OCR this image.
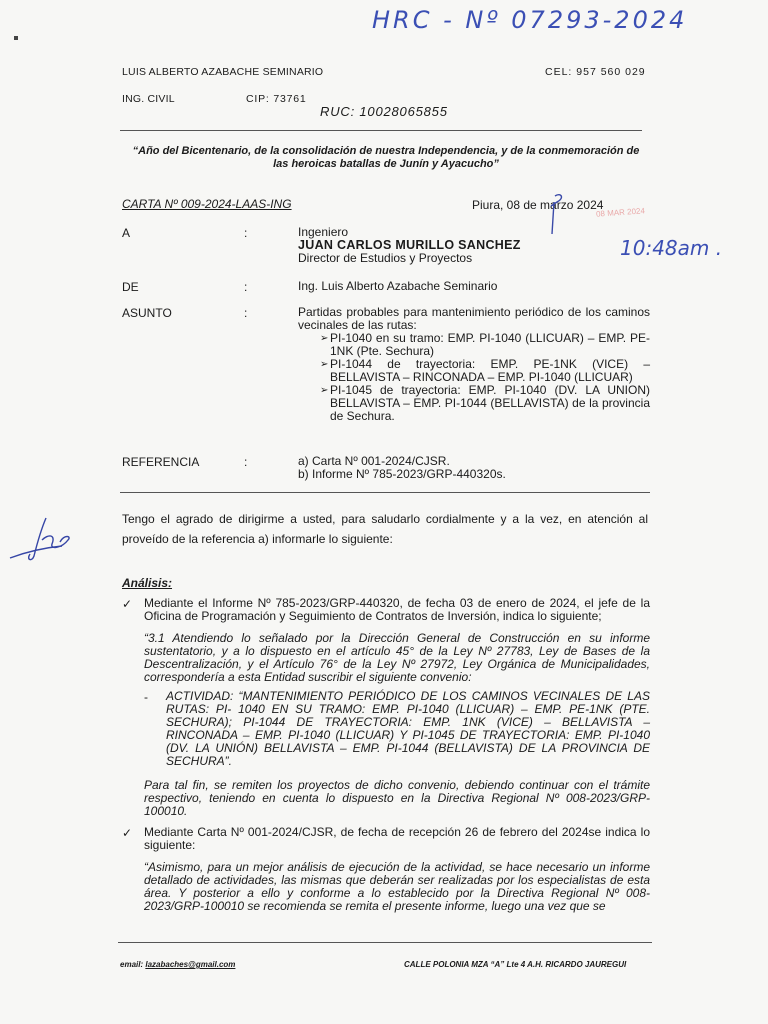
HRC - Nº 07293-2024
LUIS ALBERTO AZABACHE SEMINARIO	CEL: 957 560 029
ING. CIVIL	CIP: 73761
RUC: 10028065855
“Año del Bicentenario, de la consolidación de nuestra Independencia, y de la conmemoración de
las heroicas batallas de Junín y Ayacucho”
CARTA Nº 009-2024-LAAS-ING	Piura, 08 de marzo 2024
08 MAR 2024
10:48am .
A	:	Ingeniero
JUAN CARLOS MURILLO SANCHEZ
Director de Estudios y Proyectos
DE	:	Ing. Luis Alberto Azabache Seminario
ASUNTO	:	Partidas probables para mantenimiento periódico de los caminos vecinales de las rutas:
➢ PI-1040 en su tramo: EMP. PI-1040 (LLICUAR) – EMP. PE-1NK (Pte. Sechura)
➢ PI-1044 de trayectoria: EMP. PE-1NK (VICE) – BELLAVISTA – RINCONADA – EMP. PI-1040 (LLICUAR)
➢ PI-1045 de trayectoria: EMP. PI-1040 (DV. LA UNION) BELLAVISTA – EMP. PI-1044 (BELLAVISTA) de la provincia de Sechura.
REFERENCIA	:	a) Carta Nº 001-2024/CJSR.
b) Informe Nº 785-2023/GRP-440320s.
Tengo el agrado de dirigirme a usted, para saludarlo cordialmente y a la vez, en atención al proveído de la referencia a) informarle lo siguiente:
Análisis:
✓ Mediante el Informe Nº 785-2023/GRP-440320, de fecha 03 de enero de 2024, el jefe de la Oficina de Programación y Seguimiento de Contratos de Inversión, indica lo siguiente;
“3.1 Atendiendo lo señalado por la Dirección General de Construcción en su informe sustentatorio, y a lo dispuesto en el artículo 45° de la Ley Nº 27783, Ley de Bases de la Descentralización, y el Artículo 76° de la Ley Nº 27972, Ley Orgánica de Municipalidades, correspondería a esta Entidad suscribir el siguiente convenio:
- ACTIVIDAD: “MANTENIMIENTO PERIÓDICO DE LOS CAMINOS VECINALES DE LAS RUTAS: PI- 1040 EN SU TRAMO: EMP. PI-1040 (LLICUAR) – EMP. PE-1NK (PTE. SECHURA); PI-1044 DE TRAYECTORIA: EMP. 1NK (VICE) – BELLAVISTA – RINCONADA – EMP. PI-1040 (LLICUAR) Y PI-1045 DE TRAYECTORIA: EMP. PI-1040 (DV. LA UNIÓN) BELLAVISTA – EMP. PI-1044 (BELLAVISTA) DE LA PROVINCIA DE SECHURA”.
Para tal fin, se remiten los proyectos de dicho convenio, debiendo continuar con el trámite respectivo, teniendo en cuenta lo dispuesto en la Directiva Regional Nº 008-2023/GRP-100010.
✓ Mediante Carta Nº 001-2024/CJSR, de fecha de recepción 26 de febrero del 2024se indica lo siguiente:
“Asimismo, para un mejor análisis de ejecución de la actividad, se hace necesario un informe detallado de actividades, las mismas que deberán ser realizadas por los especialistas de esta área. Y posterior a ello y conforme a lo establecido por la Directiva Regional Nº 008-2023/GRP-100010 se recomienda se remita el presente informe, luego una vez que se
email: lazabaches@gmail.com	CALLE POLONIA MZA “A” Lte 4 A.H. RICARDO JAUREGUI
